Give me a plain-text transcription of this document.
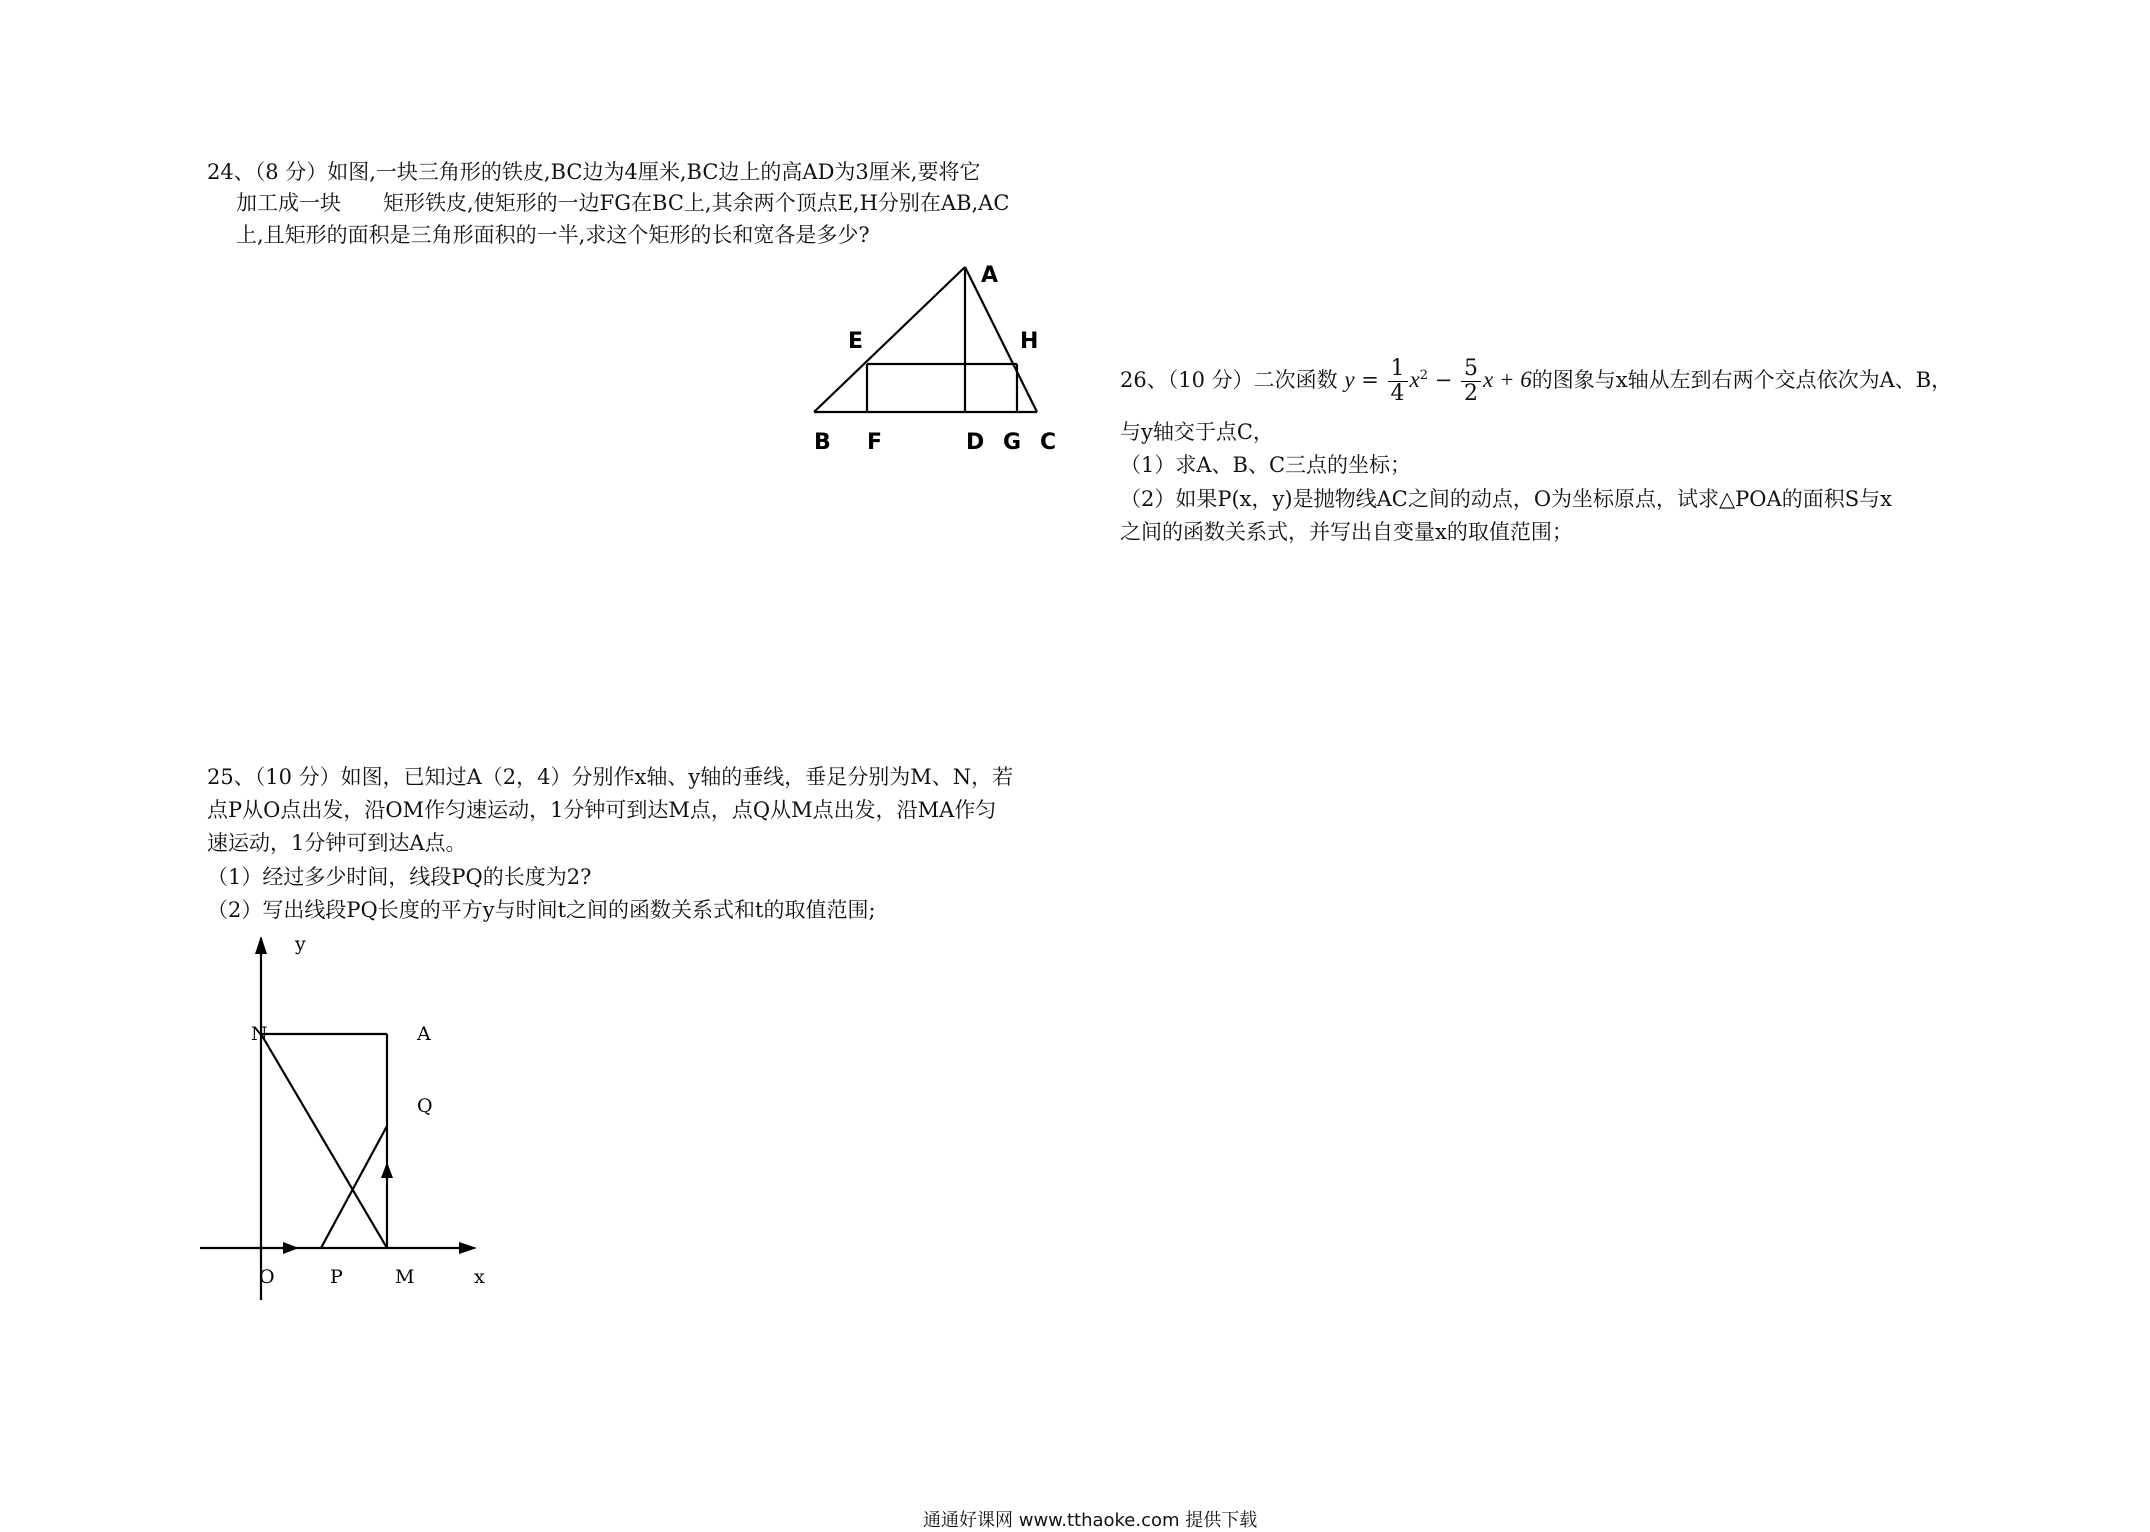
24、（8 分）如图,一块三角形的铁皮,BC边为4厘米,BC边上的高AD为3厘米,要将它
加工成一块　　矩形铁皮,使矩形的一边FG在BC上,其余两个顶点E,H分别在AB,AC
上,且矩形的面积是三角形面积的一半,求这个矩形的长和宽各是多少?
A
E	H
B F	D G C
26、（10 分）二次函数 $y = \frac{1}{4} x^2 - \frac{5}{2}$ x + 6的图象与x轴从左到右两个交点依次为A、B，
与y轴交于点C，
（1）求A、B、C三点的坐标；
（2）如果P(x，y)是抛物线AC之间的动点，O为坐标原点，试求△POA的面积S与x
之间的函数关系式，并写出自变量x的取值范围；
25、（10 分）如图，已知过A（2，4）分别作x轴、y轴的垂线，垂足分别为M、N，若
点P从O点出发，沿OM作匀速运动，1分钟可到达M点，点Q从M点出发，沿MA作匀
速运动，1分钟可到达A点。
（1）经过多少时间，线段PQ的长度为2?
（2）写出线段PQ长度的平方y与时间t之间的函数关系式和t的取值范围;
y
N	A
Q
O	P	M	x
通通好课网 www.tthaoke.com 提供下载
